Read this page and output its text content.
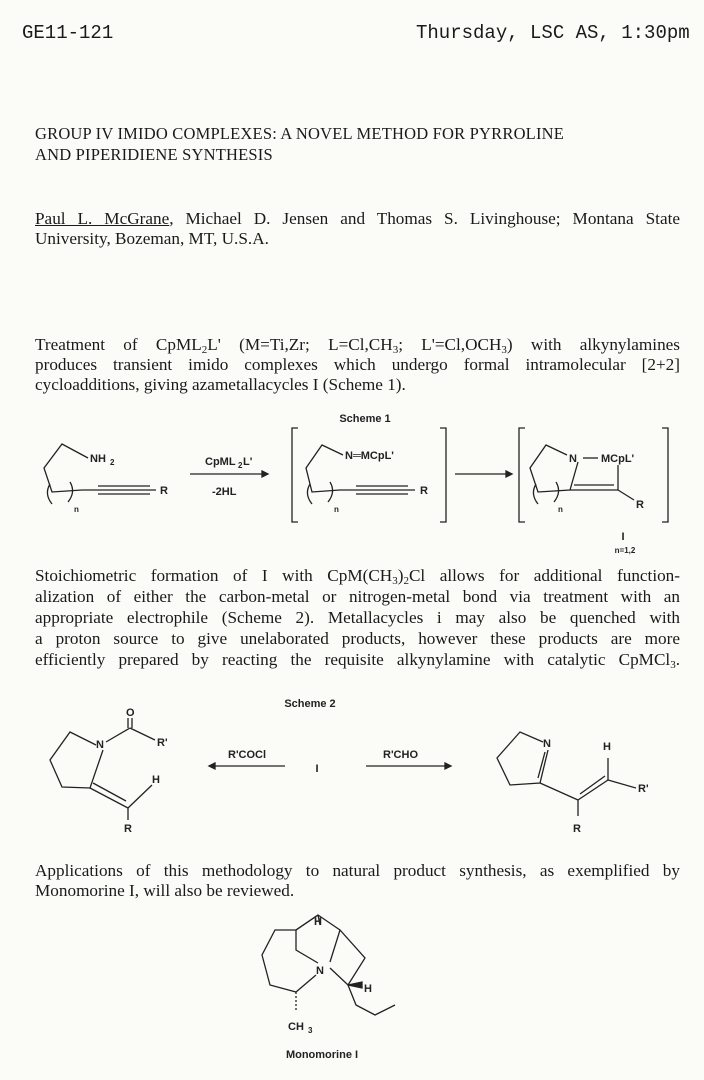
GE11-121	Thursday, LSC AS, 1:30pm
GROUP IV IMIDO COMPLEXES: A NOVEL METHOD FOR PYRROLINE
AND PIPERIDIENE SYNTHESIS
Paul L. McGrane, Michael D. Jensen and Thomas S. Livinghouse; Montana State
University, Bozeman, MT, U.S.A.
Treatment of CpML$_2$L' (M=Ti,Zr; $L=Cl,CH_3$; $L'=Cl,OCH_3$) with alkynylamines
produces transient imido complexes which undergo formal intramolecular [2+2]
cycloadditions, giving azametallacycles I (Scheme 1).
Stoichiometric formation of I with $CpM(CH_3)_2Cl$ allows for additional function-
alization of either the carbon-metal or nitrogen-metal bond via treatment with an
appropriate electrophile (Scheme 2). Metallacycles i may also be quenched with
a proton source to give unelaborated products, however these products are more
efficiently prepared by reacting the requisite alkynylamine with catalytic CpMCl$_3$.
Applications of this methodology to natural product synthesis, as exemplified by
Monomorine I, will also be reviewed.
Scheme 1
NH 2
R
n
CpML 2 L'
-2HL
N═MCpL'
R
n
N MCpL'
R
n
I
n=1,2
Scheme 2
O
N	R'
H
R
R'COCl
I
R'CHO
N	H
R'
R
H
N
H
CH 3
Monomorine I
